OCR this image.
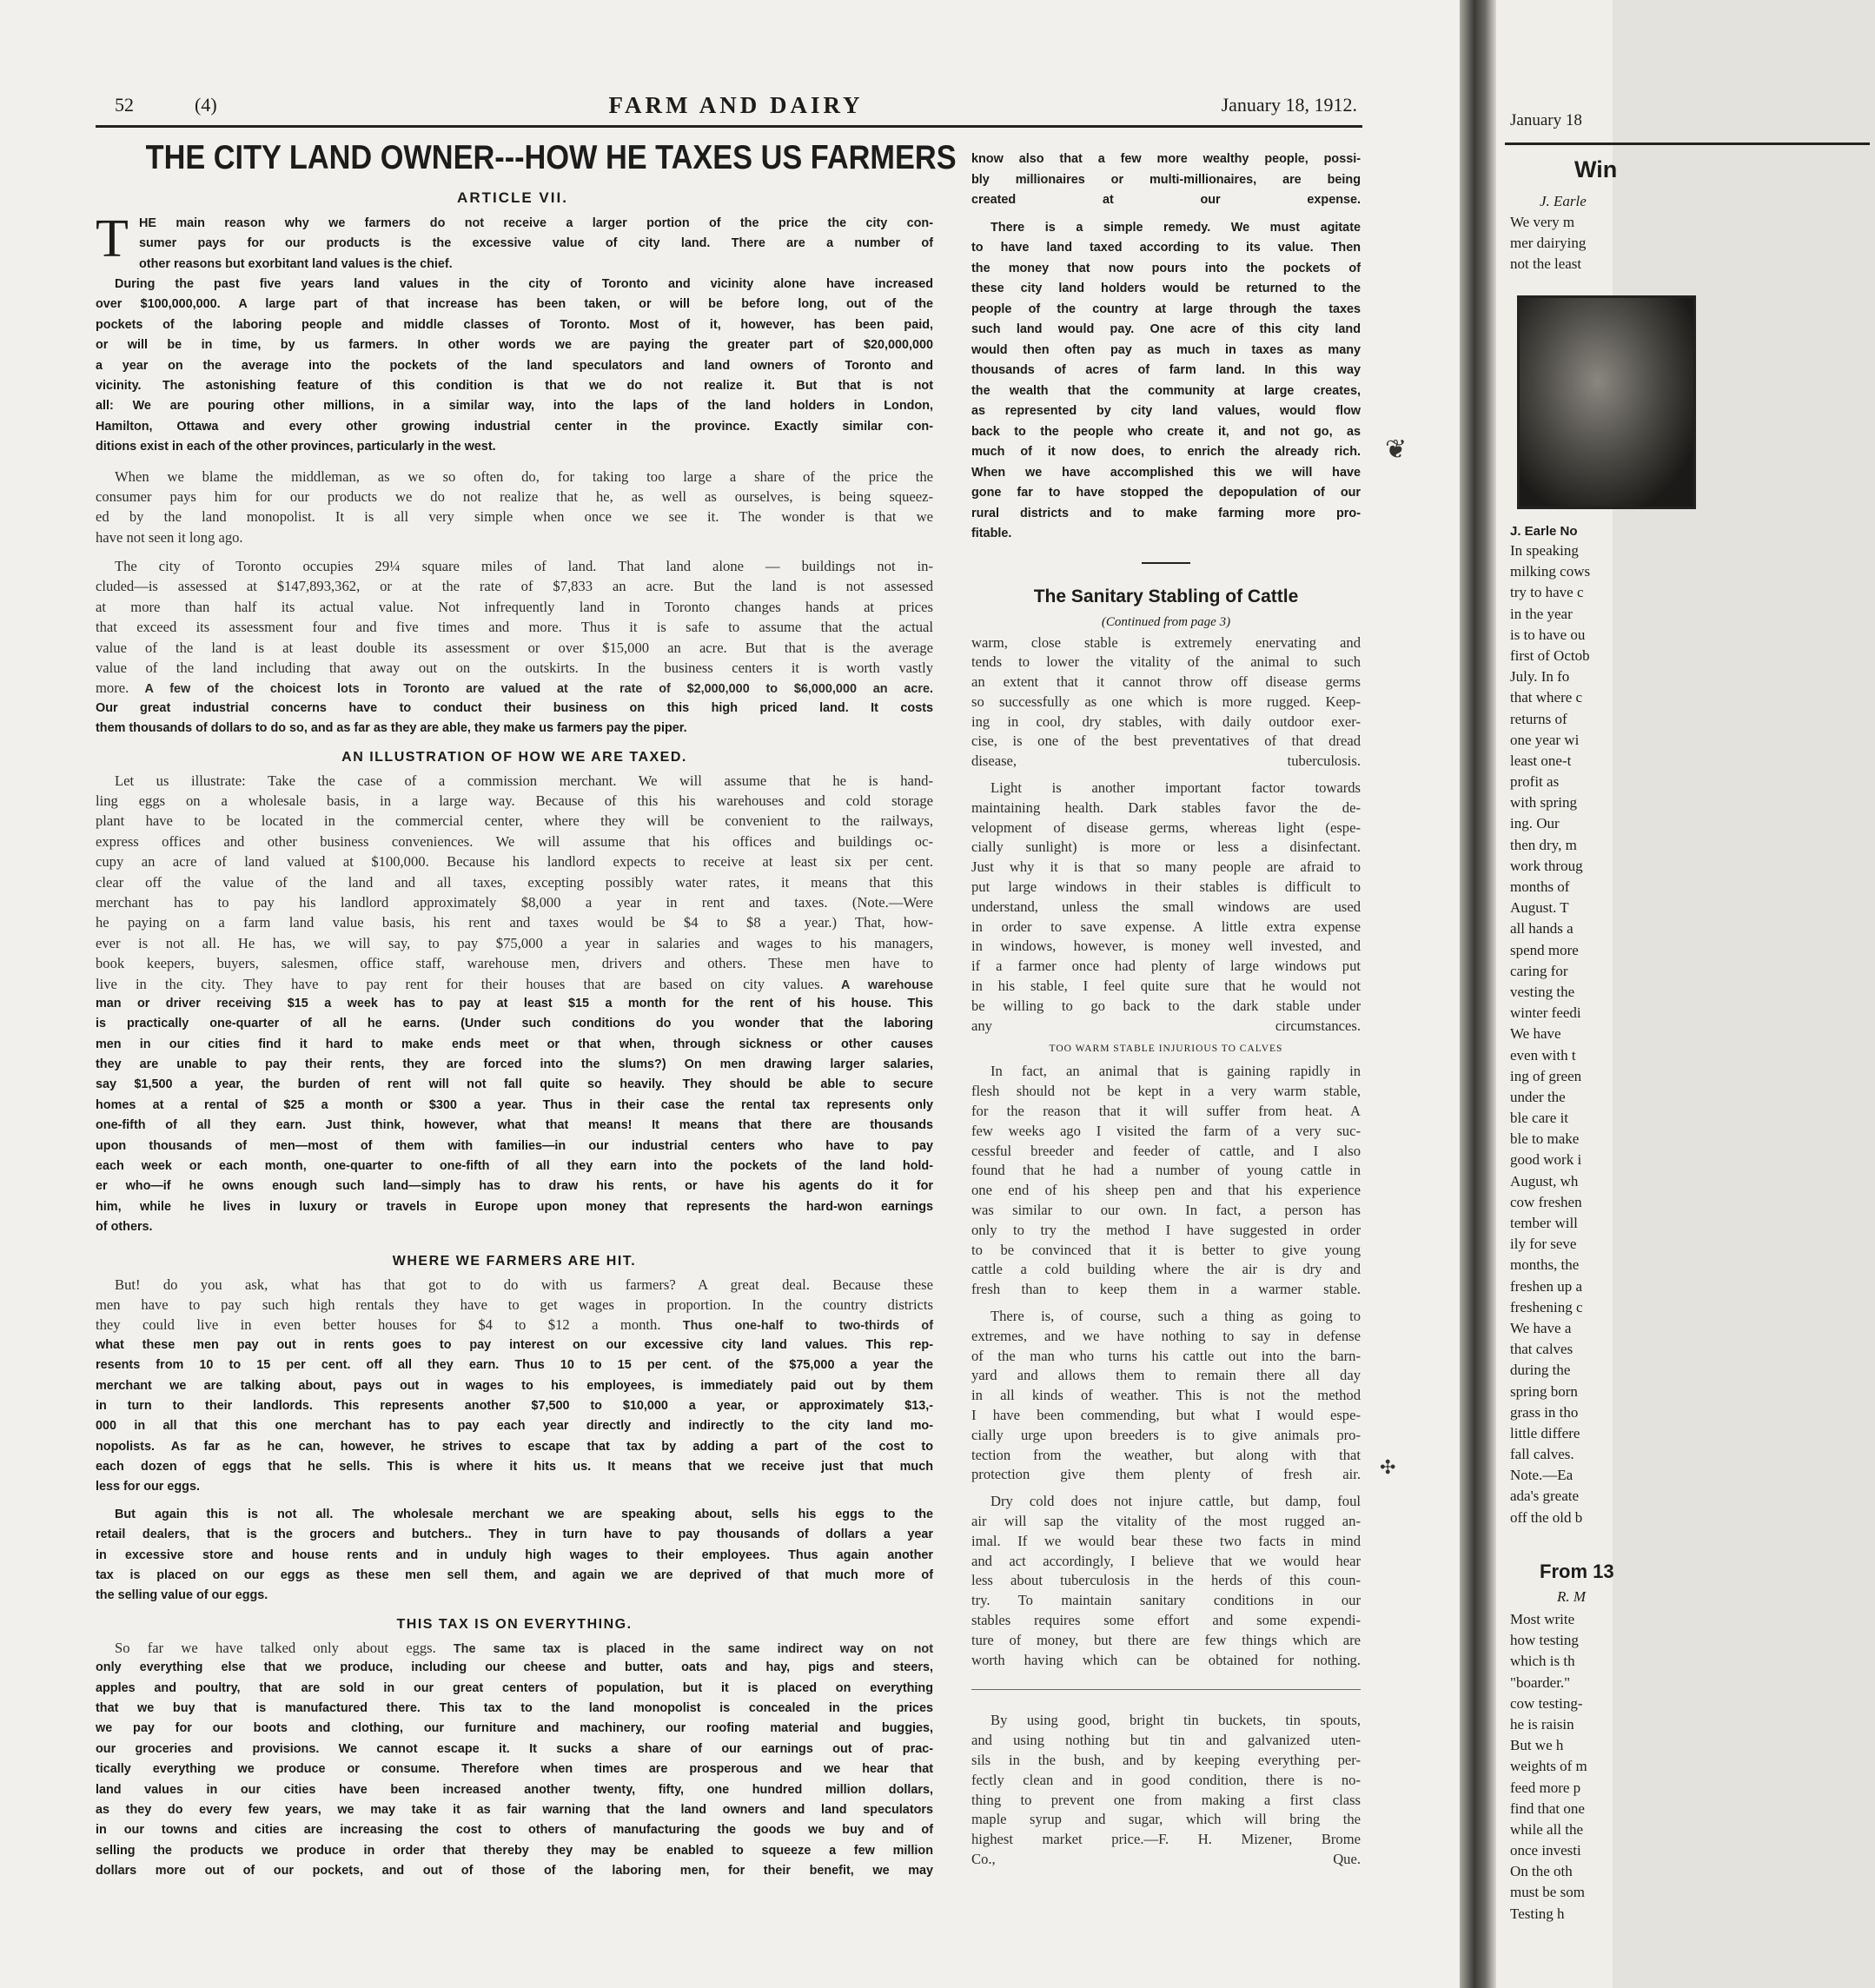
52	(4)	FARM AND DAIRY	January 18, 1912.
THE CITY LAND OWNER---HOW HE TAXES US FARMERS
ARTICLE VII.
T HE main reason why we farmers do not receive a larger portion of the price the city con-
sumer pays for our products is the excessive value of city land. There are a number of
other reasons but exorbitant land values is the chief.
During the past five years land values in the city of Toronto and vicinity alone have increased
over $100,000,000. A large part of that increase has been taken, or will be before long, out of the
pockets of the laboring people and middle classes of Toronto. Most of it, however, has been paid,
or will be in time, by us farmers. In other words we are paying the greater part of $20,000,000
a year on the average into the pockets of the land speculators and land owners of Toronto and
vicinity. The astonishing feature of this condition is that we do not realize it. But that is not
all: We are pouring other millions, in a similar way, into the laps of the land holders in London,
Hamilton, Ottawa and every other growing industrial center in the province. Exactly similar con-
ditions exist in each of the other provinces, particularly in the west.
When we blame the middleman, as we so often do, for taking too large a share of the price the
consumer pays him for our products we do not realize that he, as well as ourselves, is being squeez-
ed by the land monopolist. It is all very simple when once we see it. The wonder is that we
have not seen it long ago.
The city of Toronto occupies 29¼ square miles of land. That land alone — buildings not in-
cluded—is assessed at $147,893,362, or at the rate of $7,833 an acre. But the land is not assessed
at more than half its actual value. Not infrequently land in Toronto changes hands at prices
that exceed its assessment four and five times and more. Thus it is safe to assume that the actual
value of the land is at least double its assessment or over $15,000 an acre. But that is the average
value of the land including that away out on the outskirts. In the business centers it is worth vastly
more. A few of the choicest lots in Toronto are valued at the rate of $2,000,000 to $6,000,000 an acre.
Our great industrial concerns have to conduct their business on this high priced land. It costs
them thousands of dollars to do so, and as far as they are able, they make us farmers pay the piper.
AN ILLUSTRATION OF HOW WE ARE TAXED.
Let us illustrate: Take the case of a commission merchant. We will assume that he is hand-
ling eggs on a wholesale basis, in a large way. Because of this his warehouses and cold storage
plant have to be located in the commercial center, where they will be convenient to the railways,
express offices and other business conveniences. We will assume that his offices and buildings oc-
cupy an acre of land valued at $100,000. Because his landlord expects to receive at least six per cent.
clear off the value of the land and all taxes, excepting possibly water rates, it means that this
merchant has to pay his landlord approximately $8,000 a year in rent and taxes. (Note.—Were
he paying on a farm land value basis, his rent and taxes would be $4 to $8 a year.) That, how-
ever is not all. He has, we will say, to pay $75,000 a year in salaries and wages to his managers,
book keepers, buyers, salesmen, office staff, warehouse men, drivers and others. These men have to
live in the city. They have to pay rent for their houses that are based on city values. A warehouse
man or driver receiving $15 a week has to pay at least $15 a month for the rent of his house. This
is practically one-quarter of all he earns. (Under such conditions do you wonder that the laboring
men in our cities find it hard to make ends meet or that when, through sickness or other causes
they are unable to pay their rents, they are forced into the slums?) On men drawing larger salaries,
say $1,500 a year, the burden of rent will not fall quite so heavily. They should be able to secure
homes at a rental of $25 a month or $300 a year. Thus in their case the rental tax represents only
one-fifth of all they earn. Just think, however, what that means! It means that there are thousands
upon thousands of men—most of them with families—in our industrial centers who have to pay
each week or each month, one-quarter to one-fifth of all they earn into the pockets of the land hold-
er who—if he owns enough such land—simply has to draw his rents, or have his agents do it for
him, while he lives in luxury or travels in Europe upon money that represents the hard-won earnings
of others.
WHERE WE FARMERS ARE HIT.
But! do you ask, what has that got to do with us farmers? A great deal. Because these
men have to pay such high rentals they have to get wages in proportion. In the country districts
they could live in even better houses for $4 to $12 a month. Thus one-half to two-thirds of
what these men pay out in rents goes to pay interest on our excessive city land values. This rep-
resents from 10 to 15 per cent. off all they earn. Thus 10 to 15 per cent. of the $75,000 a year the
merchant we are talking about, pays out in wages to his employees, is immediately paid out by them
in turn to their landlords. This represents another $7,500 to $10,000 a year, or approximately $13,-
000 in all that this one merchant has to pay each year directly and indirectly to the city land mo-
nopolists. As far as he can, however, he strives to escape that tax by adding a part of the cost to
each dozen of eggs that he sells. This is where it hits us. It means that we receive just that much
less for our eggs.
But again this is not all. The wholesale merchant we are speaking about, sells his eggs to the
retail dealers, that is the grocers and butchers.. They in turn have to pay thousands of dollars a year
in excessive store and house rents and in unduly high wages to their employees. Thus again another
tax is placed on our eggs as these men sell them, and again we are deprived of that much more of
the selling value of our eggs.
THIS TAX IS ON EVERYTHING.
So far we have talked only about eggs. The same tax is placed in the same indirect way on not
only everything else that we produce, including our cheese and butter, oats and hay, pigs and steers,
apples and poultry, that are sold in our great centers of population, but it is placed on everything
that we buy that is manufactured there. This tax to the land monopolist is concealed in the prices
we pay for our boots and clothing, our furniture and machinery, our roofing material and buggies,
our groceries and provisions. We cannot escape it. It sucks a share of our earnings out of prac-
tically everything we produce or consume. Therefore when times are prosperous and we hear that
land values in our cities have been increased another twenty, fifty, one hundred million dollars,
as they do every few years, we may take it as fair warning that the land owners and land speculators
in our towns and cities are increasing the cost to others of manufacturing the goods we buy and of
selling the products we produce in order that thereby they may be enabled to squeeze a few million
dollars more out of our pockets, and out of those of the laboring men, for their benefit, we may
know also that a few more wealthy people, possi-
bly millionaires or multi-millionaires, are being
created at our expense.
There is a simple remedy. We must agitate
to have land taxed according to its value. Then
the money that now pours into the pockets of
these city land holders would be returned to the
people of the country at large through the taxes
such land would pay. One acre of this city land
would then often pay as much in taxes as many
thousands of acres of farm land. In this way
the wealth that the community at large creates,
as represented by city land values, would flow
back to the people who create it, and not go, as
much of it now does, to enrich the already rich.
When we have accomplished this we will have
gone far to have stopped the depopulation of our
rural districts and to make farming more pro-
fitable.
The Sanitary Stabling of Cattle
(Continued from page 3)
warm, close stable is extremely enervating and
tends to lower the vitality of the animal to such
an extent that it cannot throw off disease germs
so successfully as one which is more rugged. Keep-
ing in cool, dry stables, with daily outdoor exer-
cise, is one of the best preventatives of that dread
disease, tuberculosis.
Light is another important factor towards
maintaining health. Dark stables favor the de-
velopment of disease germs, whereas light (espe-
cially sunlight) is more or less a disinfectant.
Just why it is that so many people are afraid to
put large windows in their stables is difficult to
understand, unless the small windows are used
in order to save expense. A little extra expense
in windows, however, is money well invested, and
if a farmer once had plenty of large windows put
in his stable, I feel quite sure that he would not
be willing to go back to the dark stable under
any circumstances.
TOO WARM STABLE INJURIOUS TO CALVES
In fact, an animal that is gaining rapidly in
flesh should not be kept in a very warm stable,
for the reason that it will suffer from heat. A
few weeks ago I visited the farm of a very suc-
cessful breeder and feeder of cattle, and I also
found that he had a number of young cattle in
one end of his sheep pen and that his experience
was similar to our own. In fact, a person has
only to try the method I have suggested in order
to be convinced that it is better to give young
cattle a cold building where the air is dry and
fresh than to keep them in a warmer stable.
There is, of course, such a thing as going to
extremes, and we have nothing to say in defense
of the man who turns his cattle out into the barn-
yard and allows them to remain there all day
in all kinds of weather. This is not the method
I have been commending, but what I would espe-
cially urge upon breeders is to give animals pro-
tection from the weather, but along with that
protection give them plenty of fresh air.
Dry cold does not injure cattle, but damp, foul
air will sap the vitality of the most rugged an-
imal. If we would bear these two facts in mind
and act accordingly, I believe that we would hear
less about tuberculosis in the herds of this coun-
try. To maintain sanitary conditions in our
stables requires some effort and some expendi-
ture of money, but there are few things which are
worth having which can be obtained for nothing.
By using good, bright tin buckets, tin spouts,
and using nothing but tin and galvanized uten-
sils in the bush, and by keeping everything per-
fectly clean and in good condition, there is no-
thing to prevent one from making a first class
maple syrup and sugar, which will bring the
highest market price.—F. H. Mizener, Brome
Co., Que.
❦
✣
January 18
Win
J. Earle
We very m
mer dairying
not the least
J. Earle No
In speaking
milking cows
try to have c
in the year
is to have ou
first of Octob
July. In fo
that where c
returns of
one year wi
least one-t
profit as
with spring
ing. Our
then dry, m
work throug
months of
August. T
all hands a
spend more
caring for
vesting the
winter feedi
We have
even with t
ing of green
under the
ble care it
ble to make
good work i
August, wh
cow freshen
tember will
ily for seve
months, the
freshen up a
freshening c
We have a
that calves
during the
spring born
grass in tho
little differe
fall calves.
Note.—Ea
ada's greate
off the old b
From 13
R. M
Most write
how testing
which is th
"boarder."
cow testing-
he is raisin
But we h
weights of m
feed more p
find that one
while all the
once investi
On the oth
must be som
Testing h
